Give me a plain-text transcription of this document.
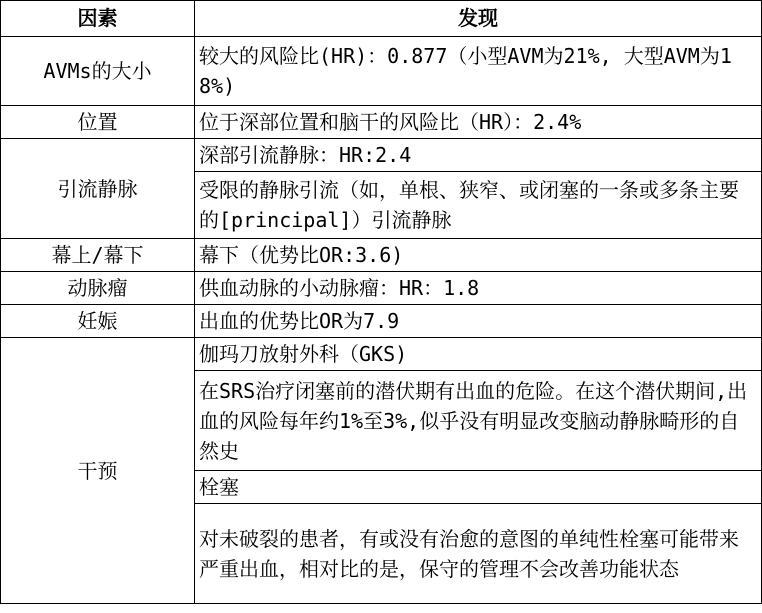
因素	发现
AVMs的大小	较大的风险比(HR)：0.877（小型AVM为21%, 大型AVM为18%)
位置	位于深部位置和脑干的风险比（HR）：2.4%
引流静脉	深部引流静脉：HR:2.4
	受限的静脉引流（如，单根、狭窄、或闭塞的一条或多条主要的[principal]）引流静脉
幕上/幕下	幕下（优势比OR:3.6)
动脉瘤	供血动脉的小动脉瘤：HR：1.8
妊娠	出血的优势比OR为7.9
干预	伽玛刀放射外科（GKS)
	在SRS治疗闭塞前的潜伏期有出血的危险。在这个潜伏期间,出血的风险每年约1%至3%,似乎没有明显改变脑动静脉畸形的自然史
	栓塞
	对未破裂的患者，有或没有治愈的意图的单纯性栓塞可能带来严重出血，相对比的是，保守的管理不会改善功能状态
